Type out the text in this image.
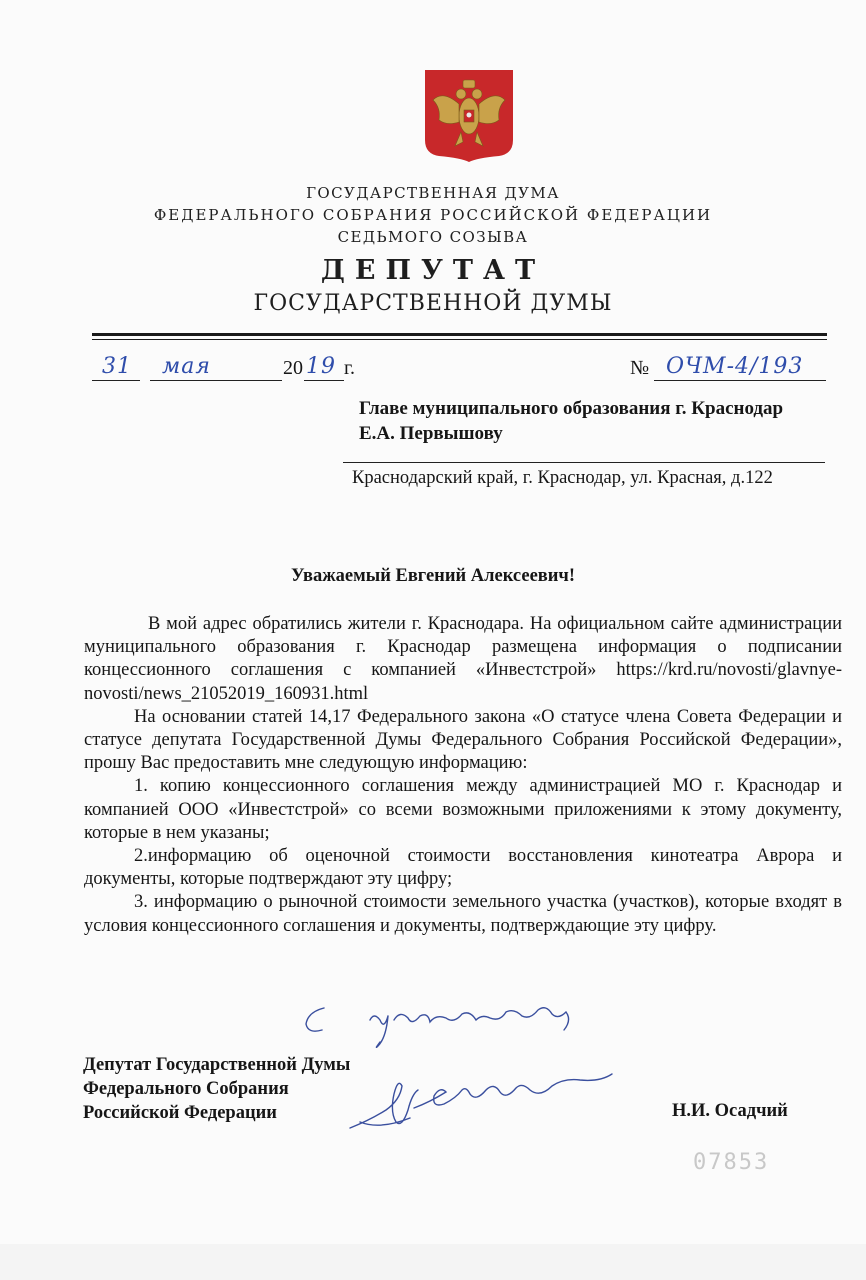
ГОСУДАРСТВЕННАЯ ДУМА
ФЕДЕРАЛЬНОГО СОБРАНИЯ РОССИЙСКОЙ ФЕДЕРАЦИИ
СЕДЬМОГО СОЗЫВА
ДЕПУТАТ
ГОСУДАРСТВЕННОЙ ДУМЫ
31 мая	20 19 г.	№ ОЧМ-4/193
Главе муниципального образования г. Краснодар
Е.А. Первышову
Краснодарский край, г. Краснодар, ул. Красная, д.122
Уважаемый Евгений Алексеевич!

В мой адрес обратились жители г. Краснодара. На официальном сайте администрации муниципального образования г. Краснодар размещена информация о подписании концессионного соглашения с компанией «Инвестстрой» https://krd.ru/novosti/glavnye-novosti/news_21052019_160931.html

На основании статей 14,17 Федерального закона «О статусе члена Совета Федерации и статусе депутата Государственной Думы Федерального Собрания Российской Федерации», прошу Вас предоставить мне следующую информацию:

1. копию концессионного соглашения между администрацией МО г. Краснодар и компанией ООО «Инвестстрой» со всеми возможными приложениями к этому документу, которые в нем указаны;

2.информацию об оценочной стоимости восстановления кинотеатра Аврора и документы, которые подтверждают эту цифру;

3. информацию о рыночной стоимости земельного участка (участков), которые входят в условия концессионного соглашения и документы, подтверждающие эту цифру.

Депутат Государственной Думы
Федерального Собрания
Российской Федерации	Н.И. Осадчий
07853
